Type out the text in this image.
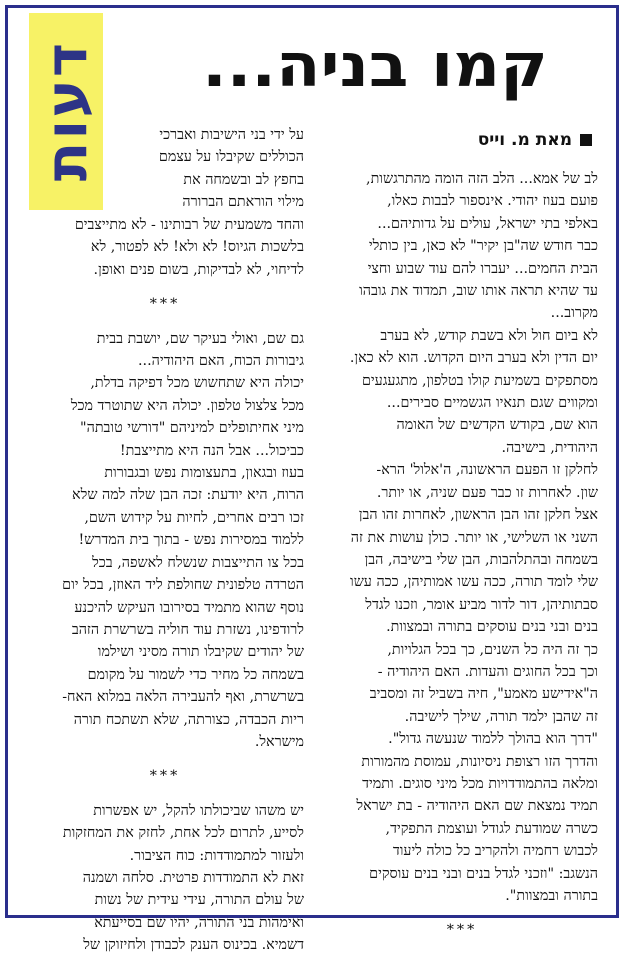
דעות	קמו בניה...
מאת מ. וייס

לב של אמא... הלב הזה הומה מהתרגשות,

פועם בעוז יהודי. אינספור לבבות כאלו,

באלפי בתי ישראל, עולים על גדותיהם...

כבר חודש שה"בן יקיר" לא כאן, בין כותלי

הבית החמים... יעברו להם עוד שבוע וחצי

עד שהיא תראה אותו שוב, תמדוד את גובהו

מקרוב...

לא ביום חול ולא בשבת קודש, לא בערב

יום הדין ולא בערב היום הקדוש. הוא לא כאן.

מסתפקים בשמיעת קולו בטלפון, מתגעגעים

ומקווים שגם תנאיו הגשמיים סבירים...

הוא שם, בקודש הקדשים של האומה

היהודית, בישיבה.

לחלקן זו הפעם הראשונה, ה'אלול' הרא-

שון. לאחרות זו כבר פעם שניה, או יותר.

אצל חלקן זהו הבן הראשון, לאחרות זהו הבן

השני או השלישי, או יותר. כולן עושות את זה

בשמחה ובהתלהבות, הבן שלי בישיבה, הבן

שלי לומד תורה, ככה עשו אמותיהן, ככה עשו

סבתותיהן, דור לדור מביע אומר, וזכנו לגדל

בנים ובני בנים עוסקים בתורה ובמצוות.

כך זה היה כל השנים, כך בכל הגלויות,

וכך בכל החוגים והעדות. האם היהודיה -

ה"אידישע מאמע", חיה בשביל זה ומסביב

זה שהבן ילמד תורה, שילך לישיבה.

"דרך הוא בהולך ללמוד שנעשה גדול".

והדרך הזו רצופת ניסיונות, עמוסת מהמורות

ומלאה בהתמודדויות מכל מיני סוגים. ותמיד

תמיד נמצאת שם האם היהודיה - בת ישראל

כשרה שמודעת לגודל ועוצמת התפקיד,

לכבוש רחמיה ולהקריב כל כולה ליעוד

הנשגב: "וזכני לגדל בנים ובני בנים עוסקים

בתורה ובמצוות".

***

על ידי בני הישיבות ואברכי

הכוללים שקיבלו על עצמם

בחפץ לב ובשמחה את

מילוי הוראתם הברורה

והחד משמעית של רבותינו - לא מתייצבים

בלשכות הגיוס! לא ולא! לא לפטור, לא

לדיחוי, לא לבדיקות, בשום פנים ואופן.

***

גם שם, ואולי בעיקר שם, יושבת בבית

גיבורות הכוח, האם היהודיה...

יכולה היא שתחשוש מכל דפיקה בדלת,

מכל צלצול טלפון. יכולה היא שתוטרד מכל

מיני אחיתופלים למיניהם "דורשי טובתה"

כביכול... אבל הנה היא מתייצבת!

בעוז ובגאון, בתעצומות נפש ובגבורות

הרוח, היא יודעת: זכה הבן שלה למה שלא

זכו רבים אחרים, לחיות על קידוש השם,

ללמוד במסירות נפש - בתוך בית המדרש!

בכל צו התייצבות שנשלח לאשפה, בכל

הטרדה טלפונית שחולפת ליד האוזן, בכל יום

נוסף שהוא מתמיד בסירובו העיקש להיכנע

לרודפינו, נשזרת עוד חוליה בשרשרת הזהב

של יהודים שקיבלו תורה מסיני ושילמו

בשמחה כל מחיר כדי לשמור על מקומם

בשרשרת, ואף להעבירה הלאה במלוא האח-

ריות הכבדה, כצורתה, שלא תשתכח תורה

מישראל.

***

יש משהו שביכולתו להקל, יש אפשרות

לסייע, לתרום לכל אחת, לחזק את המחזקות

ולעזור למתמודדות: כוח הציבור.

זאת לא התמודדות פרטית. סלחה ושמנה

של עולם התורה, עידי עידית של נשות

ואימהות בני התורה, יהיו שם בסייעתא

דשמיא. בכינוס הענק לכבודן ולחיזוקן של
